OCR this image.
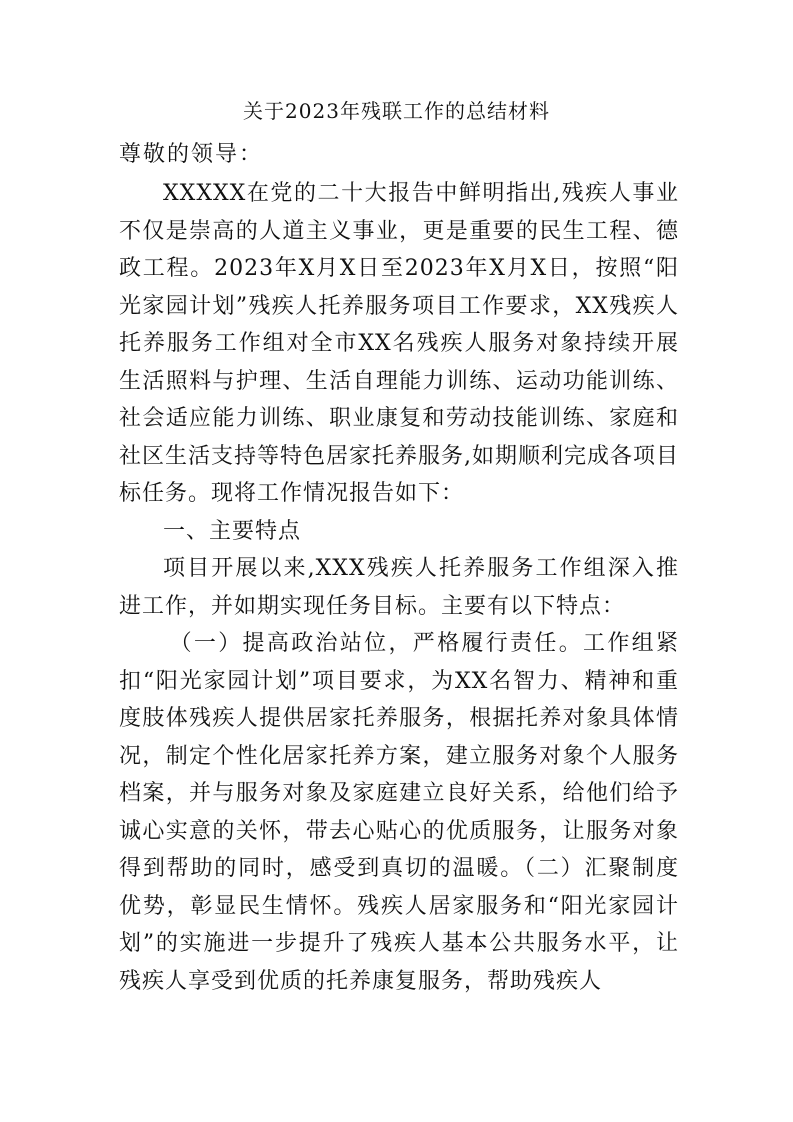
关于2023年残联工作的总结材料
尊敬的领导：

XXXXX在党的二十大报告中鲜明指出,残疾人事业不仅是崇高的人道主义事业，更是重要的民生工程、德政工程。2023年X月X日至2023年X月X日，按照“阳光家园计划”残疾人托养服务项目工作要求，XX残疾人托养服务工作组对全市XX名残疾人服务对象持续开展生活照料与护理、生活自理能力训练、运动功能训练、社会适应能力训练、职业康复和劳动技能训练、家庭和社区生活支持等特色居家托养服务,如期顺利完成各项目标任务。现将工作情况报告如下：

一、主要特点

项目开展以来,XXX残疾人托养服务工作组深入推进工作，并如期实现任务目标。主要有以下特点：

（一）提高政治站位，严格履行责任。工作组紧扣“阳光家园计划”项目要求，为XX名智力、精神和重度肢体残疾人提供居家托养服务，根据托养对象具体情况，制定个性化居家托养方案，建立服务对象个人服务档案，并与服务对象及家庭建立良好关系，给他们给予诚心实意的关怀，带去心贴心的优质服务，让服务对象得到帮助的同时，感受到真切的温暖。（二）汇聚制度优势，彰显民生情怀。残疾人居家服务和“阳光家园计划”的实施进一步提升了残疾人基本公共服务水平，让残疾人享受到优质的托养康复服务，帮助残疾人
